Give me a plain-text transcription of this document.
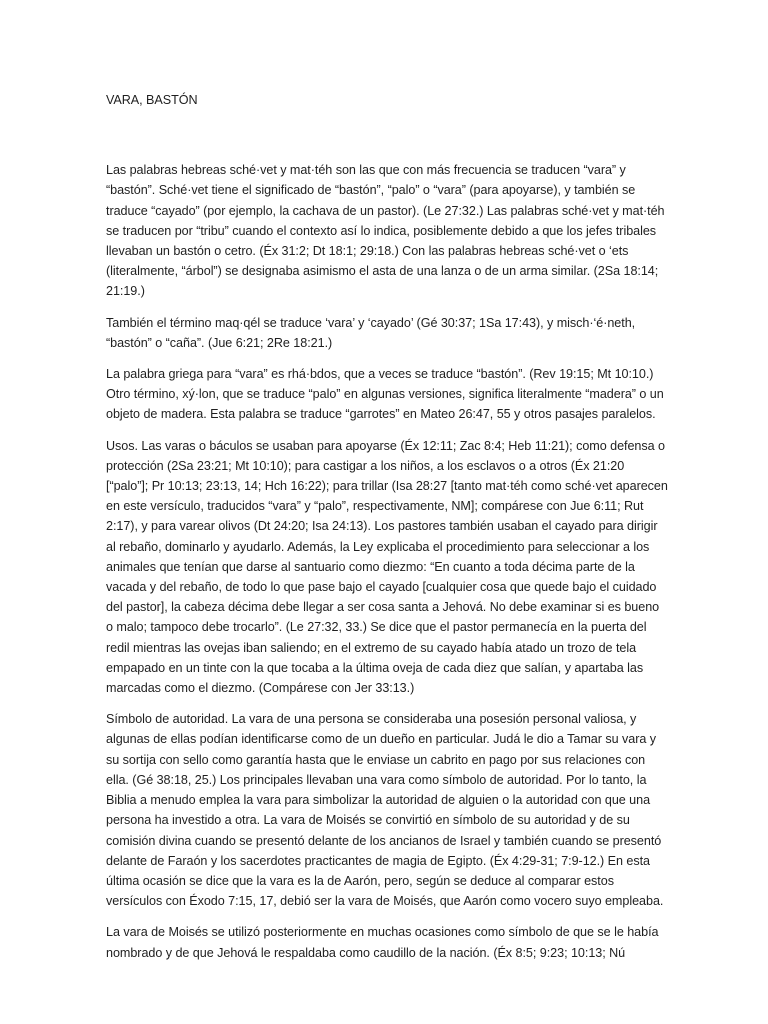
VARA, BASTÓN

Las palabras hebreas sché·vet y mat·téh son las que con más frecuencia se traducen “vara” y “bastón”. Sché·vet tiene el significado de “bastón”, “palo” o “vara” (para apoyarse), y también se traduce “cayado” (por ejemplo, la cachava de un pastor). (Le 27:32.) Las palabras sché·vet y mat·téh se traducen por “tribu” cuando el contexto así lo indica, posiblemente debido a que los jefes tribales llevaban un bastón o cetro. (Éx 31:2; Dt 18:1; 29:18.) Con las palabras hebreas sché·vet o ‘ets (literalmente, “árbol”) se designaba asimismo el asta de una lanza o de un arma similar. (2Sa 18:14; 21:19.)

También el término maq·qél se traduce ‘vara’ y ‘cayado’ (Gé 30:37; 1Sa 17:43), y misch·‘é·neth, “bastón” o “caña”. (Jue 6:21; 2Re 18:21.)

La palabra griega para “vara” es rhá·bdos, que a veces se traduce “bastón”. (Rev 19:15; Mt 10:10.) Otro término, xý·lon, que se traduce “palo” en algunas versiones, significa literalmente “madera” o un objeto de madera. Esta palabra se traduce “garrotes” en Mateo 26:47, 55 y otros pasajes paralelos.

Usos. Las varas o báculos se usaban para apoyarse (Éx 12:11; Zac 8:4; Heb 11:21); como defensa o protección (2Sa 23:21; Mt 10:10); para castigar a los niños, a los esclavos o a otros (Éx 21:20 [“palo”]; Pr 10:13; 23:13, 14; Hch 16:22); para trillar (Isa 28:27 [tanto mat·téh como sché·vet aparecen en este versículo, traducidos “vara” y “palo”, respectivamente, NM]; compárese con Jue 6:11; Rut 2:17), y para varear olivos (Dt 24:20; Isa 24:13). Los pastores también usaban el cayado para dirigir al rebaño, dominarlo y ayudarlo. Además, la Ley explicaba el procedimiento para seleccionar a los animales que tenían que darse al santuario como diezmo: “En cuanto a toda décima parte de la vacada y del rebaño, de todo lo que pase bajo el cayado [cualquier cosa que quede bajo el cuidado del pastor], la cabeza décima debe llegar a ser cosa santa a Jehová. No debe examinar si es bueno o malo; tampoco debe trocarlo”. (Le 27:32, 33.) Se dice que el pastor permanecía en la puerta del redil mientras las ovejas iban saliendo; en el extremo de su cayado había atado un trozo de tela empapado en un tinte con la que tocaba a la última oveja de cada diez que salían, y apartaba las marcadas como el diezmo. (Compárese con Jer 33:13.)

Símbolo de autoridad. La vara de una persona se consideraba una posesión personal valiosa, y algunas de ellas podían identificarse como de un dueño en particular. Judá le dio a Tamar su vara y su sortija con sello como garantía hasta que le enviase un cabrito en pago por sus relaciones con ella. (Gé 38:18, 25.) Los principales llevaban una vara como símbolo de autoridad. Por lo tanto, la Biblia a menudo emplea la vara para simbolizar la autoridad de alguien o la autoridad con que una persona ha investido a otra. La vara de Moisés se convirtió en símbolo de su autoridad y de su comisión divina cuando se presentó delante de los ancianos de Israel y también cuando se presentó delante de Faraón y los sacerdotes practicantes de magia de Egipto. (Éx 4:29-31; 7:9-12.) En esta última ocasión se dice que la vara es la de Aarón, pero, según se deduce al comparar estos versículos con Éxodo 7:15, 17, debió ser la vara de Moisés, que Aarón como vocero suyo empleaba.

La vara de Moisés se utilizó posteriormente en muchas ocasiones como símbolo de que se le había nombrado y de que Jehová le respaldaba como caudillo de la nación. (Éx 8:5; 9:23; 10:13; Nú
